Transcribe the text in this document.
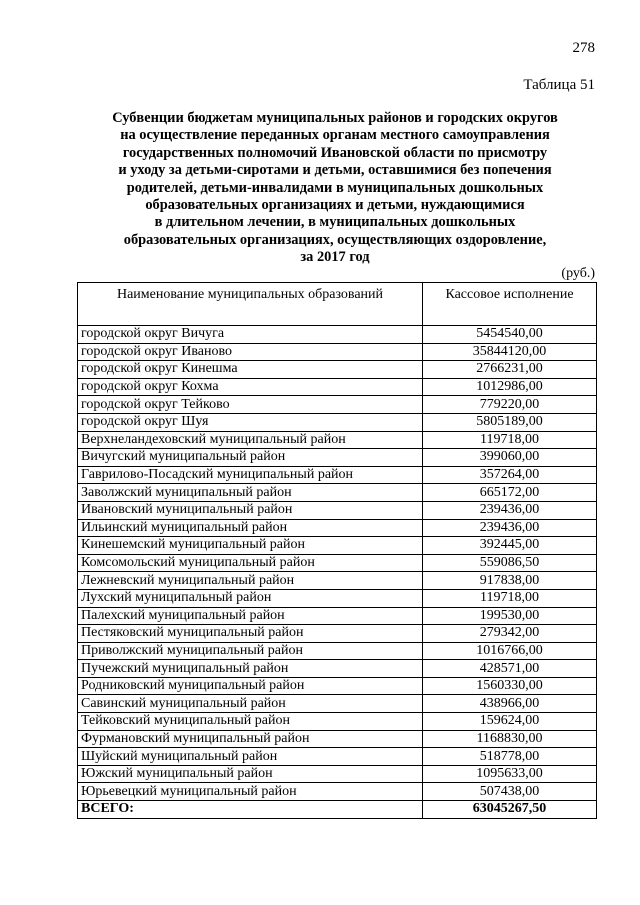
278
Таблица 51
Субвенции бюджетам муниципальных районов и городских округов
на осуществление переданных органам местного самоуправления
государственных полномочий Ивановской области по присмотру
и уходу за детьми-сиротами и детьми, оставшимися без попечения
родителей, детьми-инвалидами в муниципальных дошкольных
образовательных организациях и детьми, нуждающимися
в длительном лечении, в муниципальных дошкольных
образовательных организациях, осуществляющих оздоровление,
за 2017 год
(руб.)
Наименование муниципальных образований	Кассовое исполнение
городской округ Вичуга	5454540,00
городской округ Иваново	35844120,00
городской округ Кинешма	2766231,00
городской округ Кохма	1012986,00
городской округ Тейково	779220,00
городской округ Шуя	5805189,00
Верхнеландеховский муниципальный район	119718,00
Вичугский муниципальный район	399060,00
Гаврилово-Посадский муниципальный район	357264,00
Заволжский муниципальный район	665172,00
Ивановский муниципальный район	239436,00
Ильинский муниципальный район	239436,00
Кинешемский муниципальный район	392445,00
Комсомольский муниципальный район	559086,50
Лежневский муниципальный район	917838,00
Лухский муниципальный район	119718,00
Палехский муниципальный район	199530,00
Пестяковский муниципальный район	279342,00
Приволжский муниципальный район	1016766,00
Пучежский муниципальный район	428571,00
Родниковский муниципальный район	1560330,00
Савинский муниципальный район	438966,00
Тейковский муниципальный район	159624,00
Фурмановский муниципальный район	1168830,00
Шуйский муниципальный район	518778,00
Южский муниципальный район	1095633,00
Юрьевецкий муниципальный район	507438,00
ВСЕГО:	63045267,50
